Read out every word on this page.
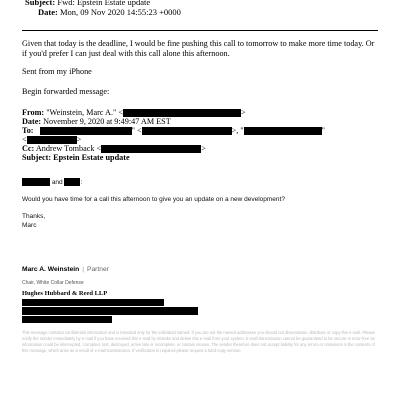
Subject: Fwd: Epstein Estate update
Date: Mon, 09 Nov 2020 14:55:23 +0000
Given that today is the deadline, I would be fine pushing this call to tomorrow to make more time today. Or if you'd prefer I can just deal with this call alone this afternoon.
Sent from my iPhone
Begin forwarded message:
From: "Weinstein, Marc A." <	>
Date: November 9, 2020 at 9:49:47 AM EST
To:	" <	>, "	"
<	>
Cc: Andrew Tomback <	>
Subject: Epstein Estate update
and	:
Would you have time for a call this afternoon to give you an update on a new development?
Thanks,
Marc
Marc A. Weinstein | Partner
Chair, White Collar Defense
Hughes Hubbard & Reed LLP
This message contains confidential information and is intended only for the individual named. If you are not the named addressee you should not disseminate, distribute or copy this e-mail. Please notify the sender immediately by e-mail if you have received this e-mail by mistake and delete this e-mail from your system. E-mail transmission cannot be guaranteed to be secure or error-free as information could be intercepted, corrupted, lost, destroyed, arrive late or incomplete, or contain viruses. The sender therefore does not accept liability for any errors or omissions in the contents of this message, which arise as a result of e-mail transmission. If verification is required please request a hard-copy version.
